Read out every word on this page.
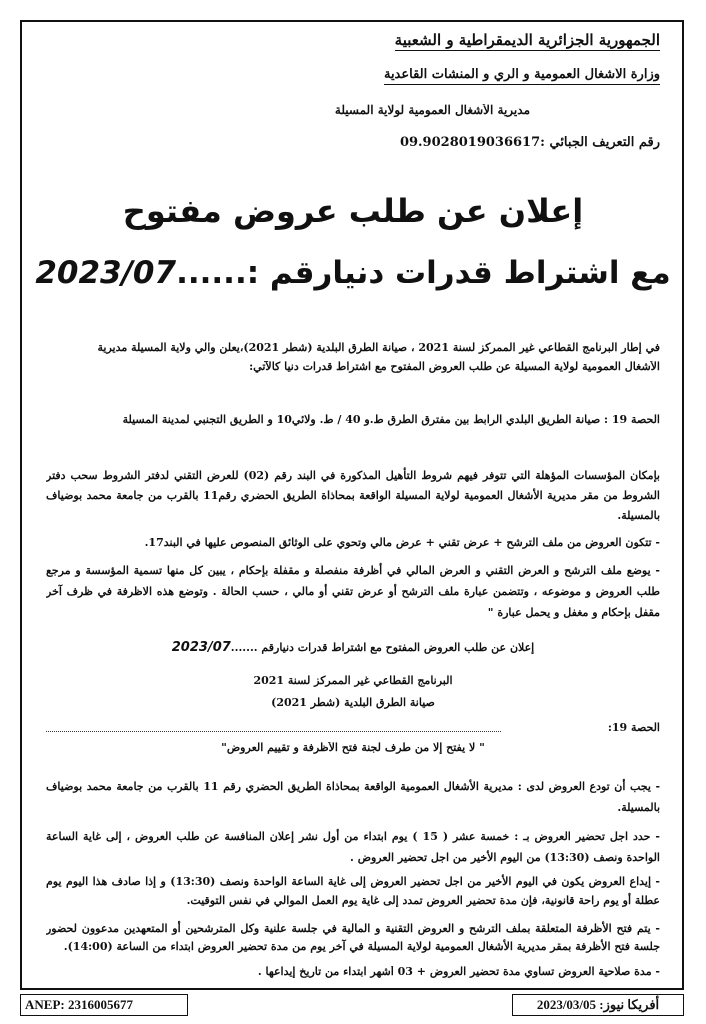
الجمهورية الجزائرية الديمقراطية و الشعبية
وزارة الأشغال العمومية و الري و المنشآت القاعدية
مديرية الأشغال العمومية لولاية المسيلة
رقم التعريف الجبائي :09.9028019036617
إعلان عن طلب عروض مفتوح
مع اشتراط قدرات دنيارقم :......2023/07
في إطار البرنامج القطاعي غير الممركز لسنة 2021 ، صيانة الطرق البلدية (شطر 2021)،يعلن والي ولاية المسيلة مديرية
الأشغال العمومية لولاية المسيلة عن طلب العروض المفتوح مع اشتراط قدرات دنيا كالآتي:
الحصة 19 : صيانة الطريق البلدي الرابط بين مفترق الطرق ط.و 40 / ط. ولائي10 و الطريق التجنبي لمدينة المسيلة
بإمكان المؤسسات المؤهلة التي تتوفر فيهم شروط التأهيل المذكورة في البند رقم (02) للعرض التقني لدفتر الشروط سحب دفتر الشروط من مقر مديرية الأشغال العمومية لولاية المسيلة الواقعة بمحاذاة الطريق الحضري رقم11 بالقرب من جامعة محمد بوضياف بالمسيلة.
- تتكون العروض من ملف الترشح + عرض تقني + عرض مالي وتحوي على الوثائق المنصوص عليها في البند17.
- يوضع ملف الترشح و العرض التقني و العرض المالي في أظرفة منفصلة و مقفلة بإحكام ، يبين كل منها تسمية المؤسسة و مرجع طلب العروض و موضوعه ، وتتضمن عبارة ملف الترشح أو عرض تقني أو مالي ، حسب الحالة . وتوضع هذه الاظرفة في ظرف آخر مقفل بإحكام و مغفل و يحمل عبارة "
إعلان عن طلب العروض المفتوح مع اشتراط قدرات دنيارقم .......2023/07
البرنامج القطاعي غير الممركز لسنة 2021
صيانة الطرق البلدية (شطر 2021)
الحصة 19:
" لا يفتح إلا من طرف لجنة فتح الأظرفة و تقييم العروض"
- يجب أن تودع العروض لدى : مديرية الأشغال العمومية الواقعة بمحاذاة الطريق الحضري رقم 11 بالقرب من جامعة محمد بوضياف بالمسيلة.
- حدد اجل تحضير العروض بـ : خمسة عشر ( 15 ) يوم ابتداء من أول نشر إعلان المنافسة عن طلب العروض ، إلى غاية الساعة الواحدة ونصف (13:30) من اليوم الأخير من اجل تحضير العروض .
- إيداع العروض يكون في اليوم الأخير من اجل تحضير العروض إلى غاية الساعة الواحدة ونصف (13:30) و إذا صادف هذا اليوم يوم عطلة أو يوم راحة قانونية، فإن مدة تحضير العروض تمدد إلى غاية يوم العمل الموالي في نفس التوقيت.
- يتم فتح الأظرفة المتعلقة بملف الترشح و العروض التقنية و المالية في جلسة علنية وكل المترشحين أو المتعهدين مدعوون لحضور جلسة فتح الأظرفة بمقر مديرية الأشغال العمومية لولاية المسيلة في آخر يوم من مدة تحضير العروض ابتداء من الساعة (14:00).
- مدة صلاحية العروض تساوي مدة تحضير العروض + 03 أشهر ابتداء من تاريخ إيداعها .
ANEP: 2316005677	أفريكا نيوز: 2023/03/05
